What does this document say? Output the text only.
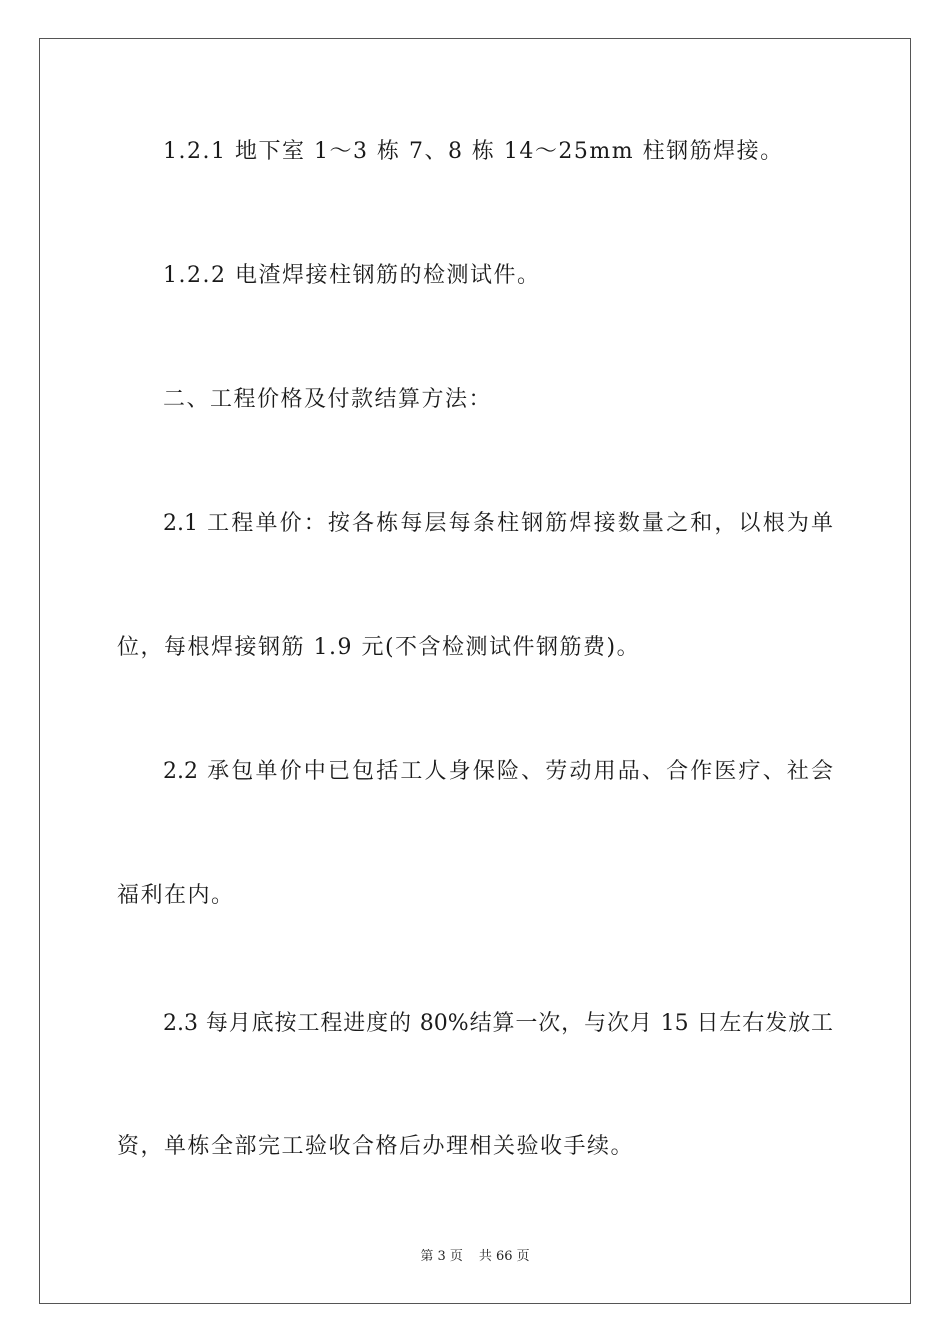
1.2.1 地下室 1～3 栋 7、8 栋 14～25mm 柱钢筋焊接。
1.2.2 电渣焊接柱钢筋的检测试件。
二、工程价格及付款结算方法：
2.1 工程单价：按各栋每层每条柱钢筋焊接数量之和，以根为单
位，每根焊接钢筋 1.9 元(不含检测试件钢筋费)。
2.2 承包单价中已包括工人身保险、劳动用品、合作医疗、社会
福利在内。
2.3 每月底按工程进度的 80%结算一次，与次月 15 日左右发放工
资，单栋全部完工验收合格后办理相关验收手续。
第 3 页 共 66 页
